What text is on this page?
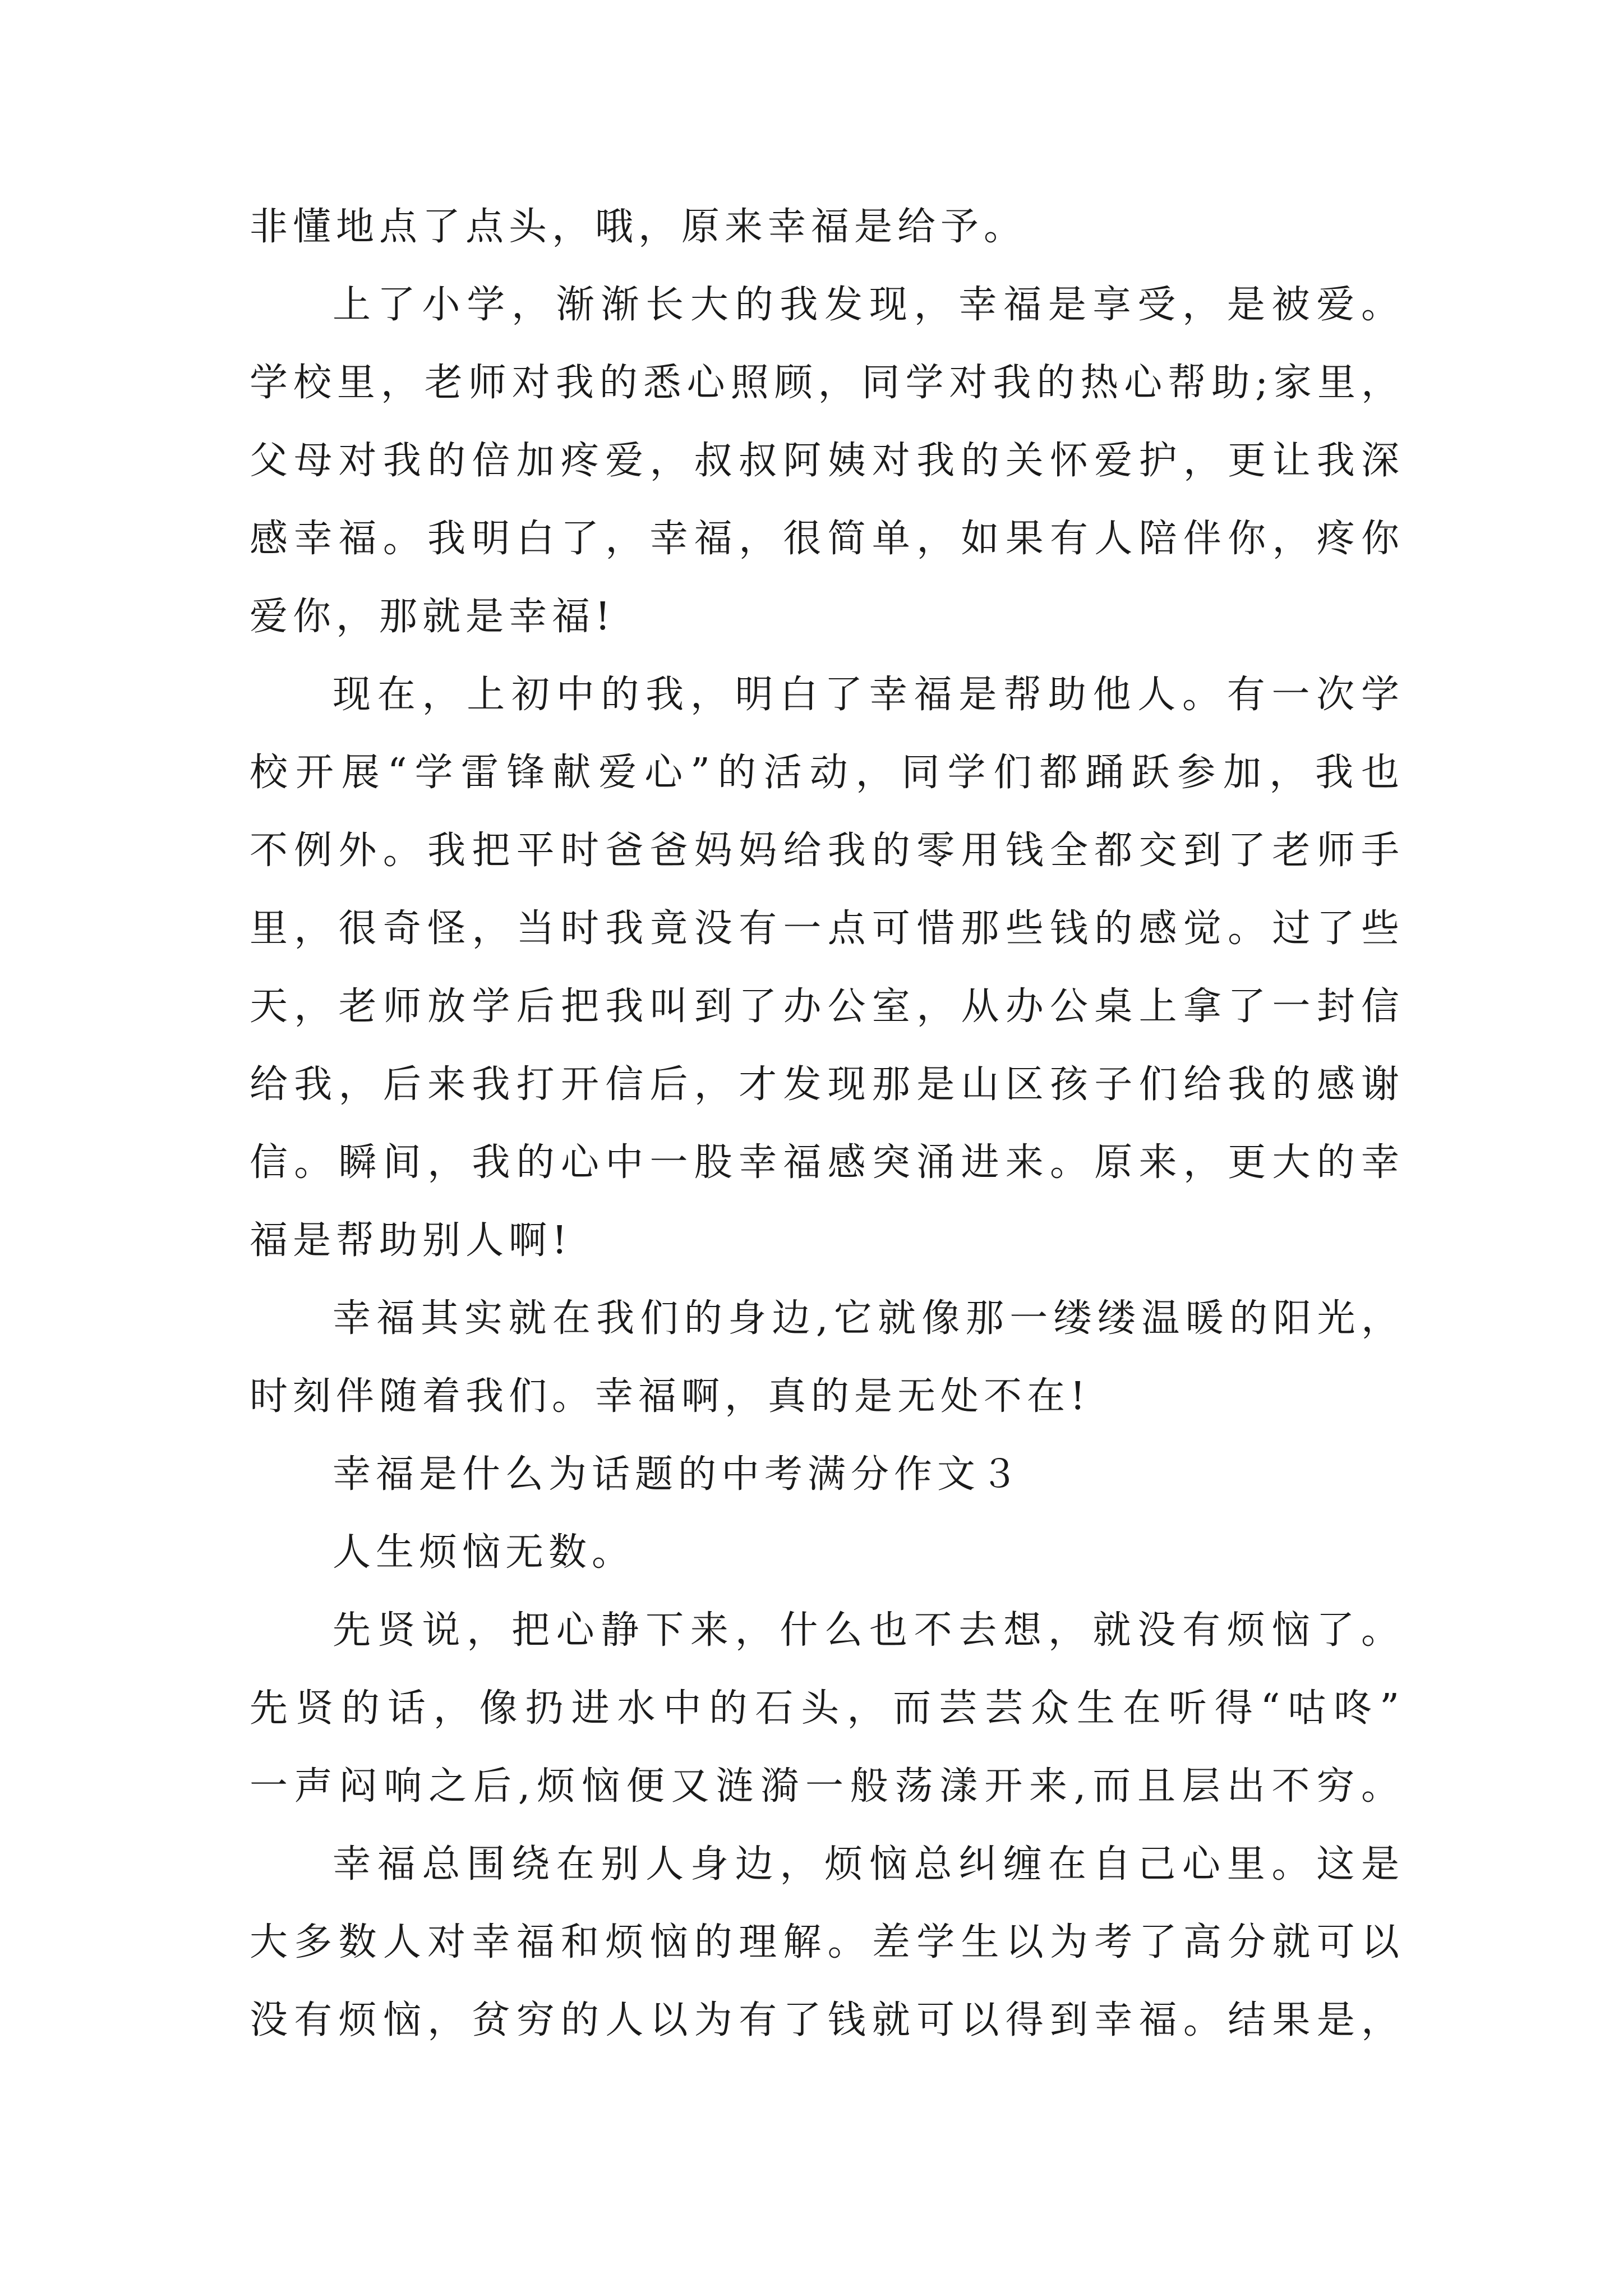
非懂地点了点头，哦，原来幸福是给予。
上了小学，渐渐长大的我发现，幸福是享受，是被爱。
学校里，老师对我的悉心照顾，同学对我的热心帮助;家里，
父母对我的倍加疼爱，叔叔阿姨对我的关怀爱护，更让我深
感幸福。我明白了，幸福，很简单，如果有人陪伴你，疼你
爱你，那就是幸福!
现在，上初中的我，明白了幸福是帮助他人。有一次学
校开展“学雷锋献爱心”的活动，同学们都踊跃参加，我也
不例外。我把平时爸爸妈妈给我的零用钱全都交到了老师手
里，很奇怪，当时我竟没有一点可惜那些钱的感觉。过了些
天，老师放学后把我叫到了办公室，从办公桌上拿了一封信
给我，后来我打开信后，才发现那是山区孩子们给我的感谢
信。瞬间，我的心中一股幸福感突涌进来。原来，更大的幸
福是帮助别人啊!
幸福其实就在我们的身边,它就像那一缕缕温暖的阳光，
时刻伴随着我们。幸福啊，真的是无处不在!
幸福是什么为话题的中考满分作文３
人生烦恼无数。
先贤说，把心静下来，什么也不去想，就没有烦恼了。
先贤的话，像扔进水中的石头，而芸芸众生在听得“咕咚”
一声闷响之后,烦恼便又涟漪一般荡漾开来,而且层出不穷。
幸福总围绕在别人身边，烦恼总纠缠在自己心里。这是
大多数人对幸福和烦恼的理解。差学生以为考了高分就可以
没有烦恼，贫穷的人以为有了钱就可以得到幸福。结果是，
